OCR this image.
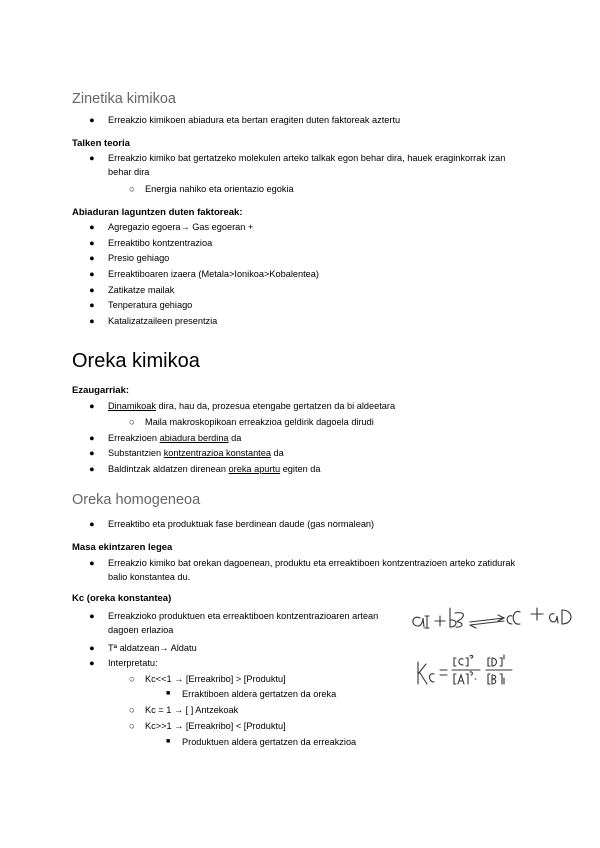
Zinetika kimikoa
● Erreakzio kimikoen abiadura eta bertan eragiten duten faktoreak aztertu
Talken teoria
● Erreakzio kimiko bat gertatzeko molekulen arteko talkak egon behar dira, hauek eraginkorrak izan behar dira
○ Energia nahiko eta orientazio egokia
Abiaduran laguntzen duten faktoreak:
● Agregazio egoera→ Gas egoeran +
● Erreaktibo kontzentrazioa
● Presio gehiago
● Erreaktiboaren izaera (Metala>Ionikoa>Kobalentea)
● Zatikatze mailak
● Tenperatura gehiago
● Katalizatzaileen presentzia
Oreka kimikoa
Ezaugarriak:
● Dinamikoak dira, hau da, prozesua etengabe gertatzen da bi aldeetara
○ Maila makroskopikoan erreakzioa geldirik dagoela dirudi
● Erreakzioen abiadura berdina da
● Substantzien kontzentrazioa konstantea da
● Baldintzak aldatzen direnean oreka apurtu egiten da
Oreka homogeneoa
● Erreaktibo eta produktuak fase berdinean daude (gas normalean)
Masa ekintzaren legea
● Erreakzio kimiko bat orekan dagoenean, produktu eta erreaktiboen kontzentrazioen arteko zatidurak balio konstantea du.
Kc (oreka konstantea)
● Erreakzioko produktuen eta erreaktiboen kontzentrazioaren artean dagoen erlazioa
● Tª aldatzean→ Aldatu
● Interpretatu:
○ Kc<<1 → [Erreakribo] > [Produktu]
■ Erraktiboen aldera gertatzen da oreka
○ Kc = 1 → [ ] Antzekoak
○ Kc>>1 → [Erreakribo] < [Produktu]
■ Produktuen aldera gertatzen da erreakzioa
